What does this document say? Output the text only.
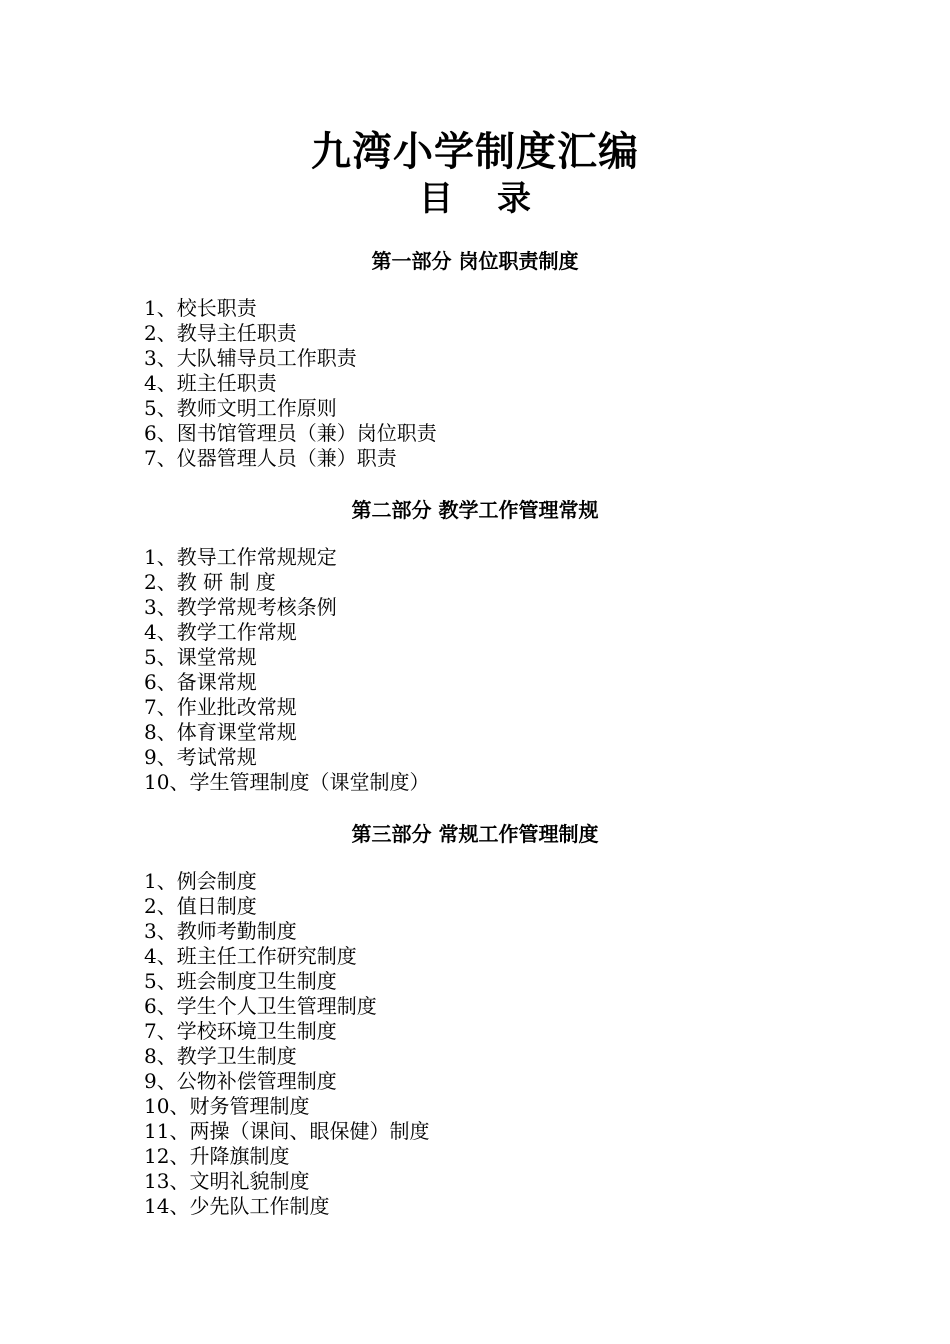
九湾小学制度汇编
目 录
第一部分 岗位职责制度
1、校长职责
2、教导主任职责
3、大队辅导员工作职责
4、班主任职责
5、教师文明工作原则
6、图书馆管理员（兼）岗位职责
7、仪器管理人员（兼）职责
第二部分 教学工作管理常规
1、教导工作常规规定
2、教 研 制 度
3、教学常规考核条例
4、教学工作常规
5、课堂常规
6、备课常规
7、作业批改常规
8、体育课堂常规
9、考试常规
10、学生管理制度（课堂制度）
第三部分 常规工作管理制度
1、例会制度
2、值日制度
3、教师考勤制度
4、班主任工作研究制度
5、班会制度卫生制度
6、学生个人卫生管理制度
7、学校环境卫生制度
8、教学卫生制度
9、公物补偿管理制度
10、财务管理制度
11、两操（课间、眼保健）制度
12、升降旗制度
13、文明礼貌制度
14、少先队工作制度
